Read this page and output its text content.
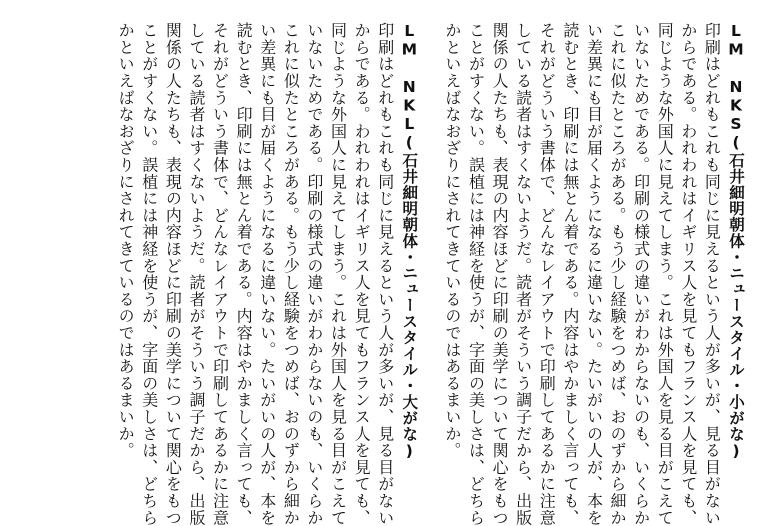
LM NKS(石井細明朝体・ニュースタイル・小がな)
印刷はどれもこれも同じに見えるという人が多いが、見る目がない
からである。われわれはイギリス人を見てもフランス人を見ても、
同じような外国人に見えてしまう。これは外国人を見る目がこえて
いないためである。印刷の様式の違いがわからないのも、いくらか
これに似たところがある。もう少し経験をつめば、おのずから細か
い差異にも目が届くようになるに違いない。たいがいの人が、本を
読むとき、印刷には無とん着である。内容はやかましく言っても、
それがどういう書体で、どんなレイアウトで印刷してあるかに注意
している読者はすくないようだ。読者がそういう調子だから、出版
関係の人たちも、表現の内容ほどに印刷の美学について関心をもつ
ことがすくない。誤植には神経を使うが、字面の美しさは、どちら
かといえばなおざりにされてきているのではあるまいか。
LM NKL(石井細明朝体・ニュースタイル・大がな)
印刷はどれもこれも同じに見えるという人が多いが、見る目がない
からである。われわれはイギリス人を見てもフランス人を見ても、
同じような外国人に見えてしまう。これは外国人を見る目がこえて
いないためである。印刷の様式の違いがわからないのも、いくらか
これに似たところがある。もう少し経験をつめば、おのずから細か
い差異にも目が届くようになるに違いない。たいがいの人が、本を
読むとき、印刷には無とん着である。内容はやかましく言っても、
それがどういう書体で、どんなレイアウトで印刷してあるかに注意
している読者はすくないようだ。読者がそういう調子だから、出版
関係の人たちも、表現の内容ほどに印刷の美学について関心をもつ
ことがすくない。誤植には神経を使うが、字面の美しさは、どちら
かといえばなおざりにされてきているのではあるまいか。
